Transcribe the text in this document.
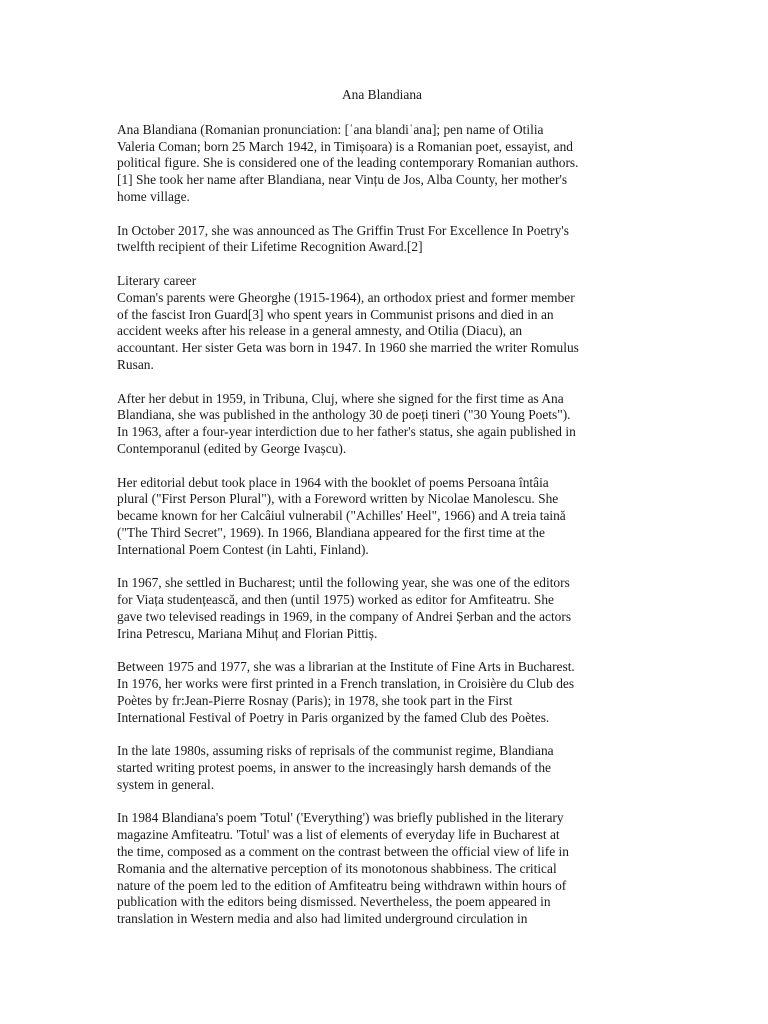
Ana Blandiana
Ana Blandiana (Romanian pronunciation: [ˈana blandiˈana]; pen name of Otilia
Valeria Coman; born 25 March 1942, in Timișoara) is a Romanian poet, essayist, and
political figure. She is considered one of the leading contemporary Romanian authors.
[1] She took her name after Blandiana, near Vințu de Jos, Alba County, her mother's
home village.
In October 2017, she was announced as The Griffin Trust For Excellence In Poetry's
twelfth recipient of their Lifetime Recognition Award.[2]
Literary career
Coman's parents were Gheorghe (1915-1964), an orthodox priest and former member
of the fascist Iron Guard[3] who spent years in Communist prisons and died in an
accident weeks after his release in a general amnesty, and Otilia (Diacu), an
accountant. Her sister Geta was born in 1947. In 1960 she married the writer Romulus
Rusan.
After her debut in 1959, in Tribuna, Cluj, where she signed for the first time as Ana
Blandiana, she was published in the anthology 30 de poeți tineri ("30 Young Poets").
In 1963, after a four-year interdiction due to her father's status, she again published in
Contemporanul (edited by George Ivașcu).
Her editorial debut took place in 1964 with the booklet of poems Persoana întâia
plural ("First Person Plural"), with a Foreword written by Nicolae Manolescu. She
became known for her Calcâiul vulnerabil ("Achilles' Heel", 1966) and A treia taină
("The Third Secret", 1969). In 1966, Blandiana appeared for the first time at the
International Poem Contest (in Lahti, Finland).
In 1967, she settled in Bucharest; until the following year, she was one of the editors
for Viața studențească, and then (until 1975) worked as editor for Amfiteatru. She
gave two televised readings in 1969, in the company of Andrei Șerban and the actors
Irina Petrescu, Mariana Mihuț and Florian Pittiș.
Between 1975 and 1977, she was a librarian at the Institute of Fine Arts in Bucharest.
In 1976, her works were first printed in a French translation, in Croisière du Club des
Poètes by fr:Jean-Pierre Rosnay (Paris); in 1978, she took part in the First
International Festival of Poetry in Paris organized by the famed Club des Poètes.
In the late 1980s, assuming risks of reprisals of the communist regime, Blandiana
started writing protest poems, in answer to the increasingly harsh demands of the
system in general.
In 1984 Blandiana's poem 'Totul' ('Everything') was briefly published in the literary
magazine Amfiteatru. 'Totul' was a list of elements of everyday life in Bucharest at
the time, composed as a comment on the contrast between the official view of life in
Romania and the alternative perception of its monotonous shabbiness. The critical
nature of the poem led to the edition of Amfiteatru being withdrawn within hours of
publication with the editors being dismissed. Nevertheless, the poem appeared in
translation in Western media and also had limited underground circulation in
